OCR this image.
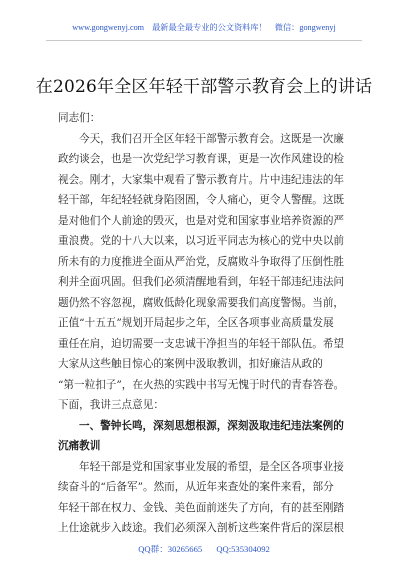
www.gongwenyj.com 最新最全最专业的公文资料库！ 微信：gongwenyj
在2026年全区年轻干部警示教育会上的讲话
同志们：
今天，我们召开全区年轻干部警示教育会。这既是一次廉
政约谈会，也是一次党纪学习教育课，更是一次作风建设的检
视会。刚才，大家集中观看了警示教育片。片中违纪违法的年
轻干部，年纪轻轻就身陷囹圄，令人痛心，更令人警醒。这既
是对他们个人前途的毁灭，也是对党和国家事业培养资源的严
重浪费。党的十八大以来，以习近平同志为核心的党中央以前
所未有的力度推进全面从严治党，反腐败斗争取得了压倒性胜
利并全面巩固。但我们必须清醒地看到，年轻干部违纪违法问
题仍然不容忽视，腐败低龄化现象需要我们高度警惕。当前，
正值“十五五”规划开局起步之年，全区各项事业高质量发展
重任在肩，迫切需要一支忠诚干净担当的年轻干部队伍。希望
大家从这些触目惊心的案例中汲取教训，扣好廉洁从政的
“第一粒扣子”，在火热的实践中书写无愧于时代的青春答卷。
下面，我讲三点意见：
一、警钟长鸣，深刻思想根源，深刻汲取违纪违法案例的
沉痛教训
年轻干部是党和国家事业发展的希望，是全区各项事业接
续奋斗的“后备军”。然而，从近年来查处的案件来看，部分
年轻干部在权力、金钱、美色面前迷失了方向，有的甚至刚踏
上仕途就步入歧途。我们必须深入剖析这些案件背后的深层根
QQ群：30265665 QQ:535304092
